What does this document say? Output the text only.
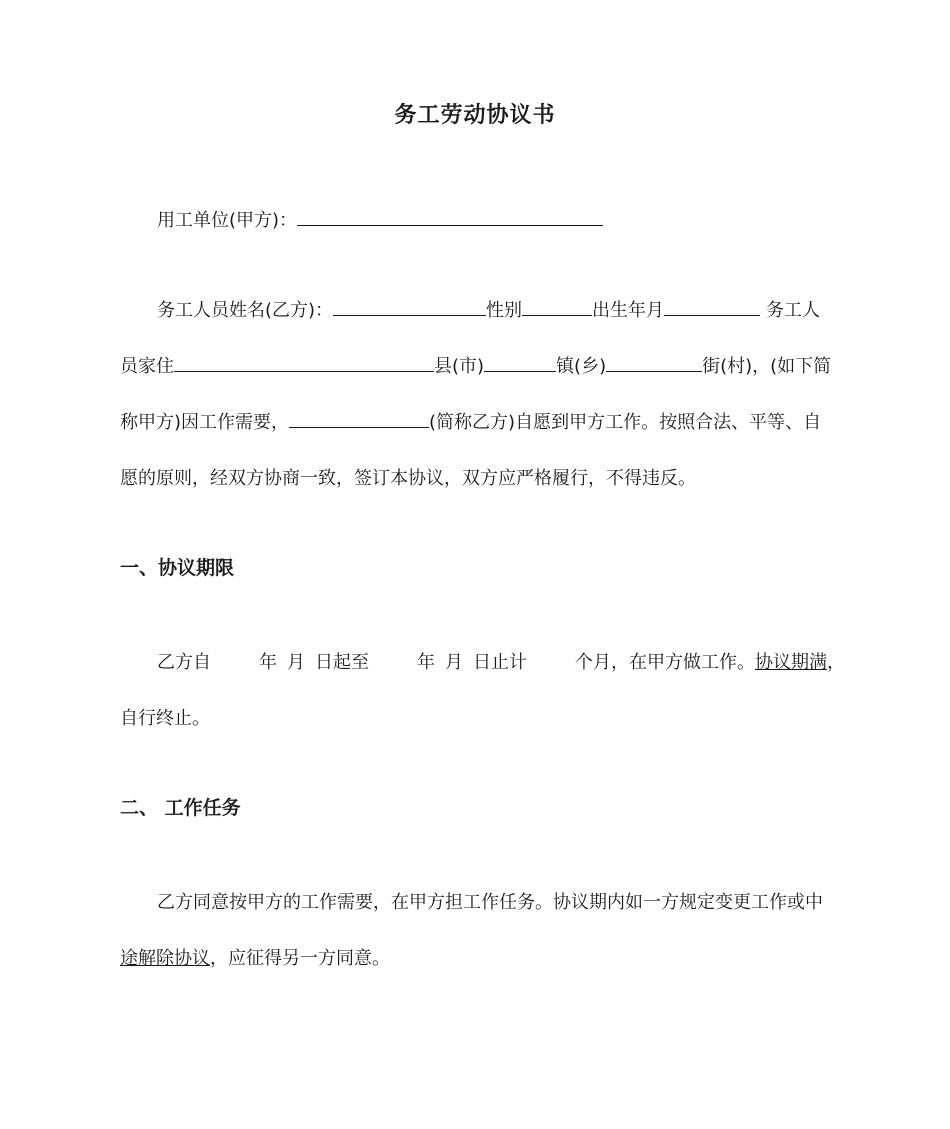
务工劳动协议书
用工单位(甲方)：
务工人员姓名(乙方)：	性别	出生年月	务工人
员家住	县(市)	镇(乡)	街(村)，(如下简
称甲方)因工作需要，	(简称乙方)自愿到甲方工作。按照合法、平等、自
愿的原则，经双方协商一致，签订本协议，双方应严格履行，不得违反。
一、协议期限
乙方自	年 月 日起至	年 月 日止计	个月，在甲方做工作。协议期满，
自行终止。
二、 工作任务
乙方同意按甲方的工作需要，在甲方担工作任务。协议期内如一方规定变更工作或中
途解除协议，应征得另一方同意。
